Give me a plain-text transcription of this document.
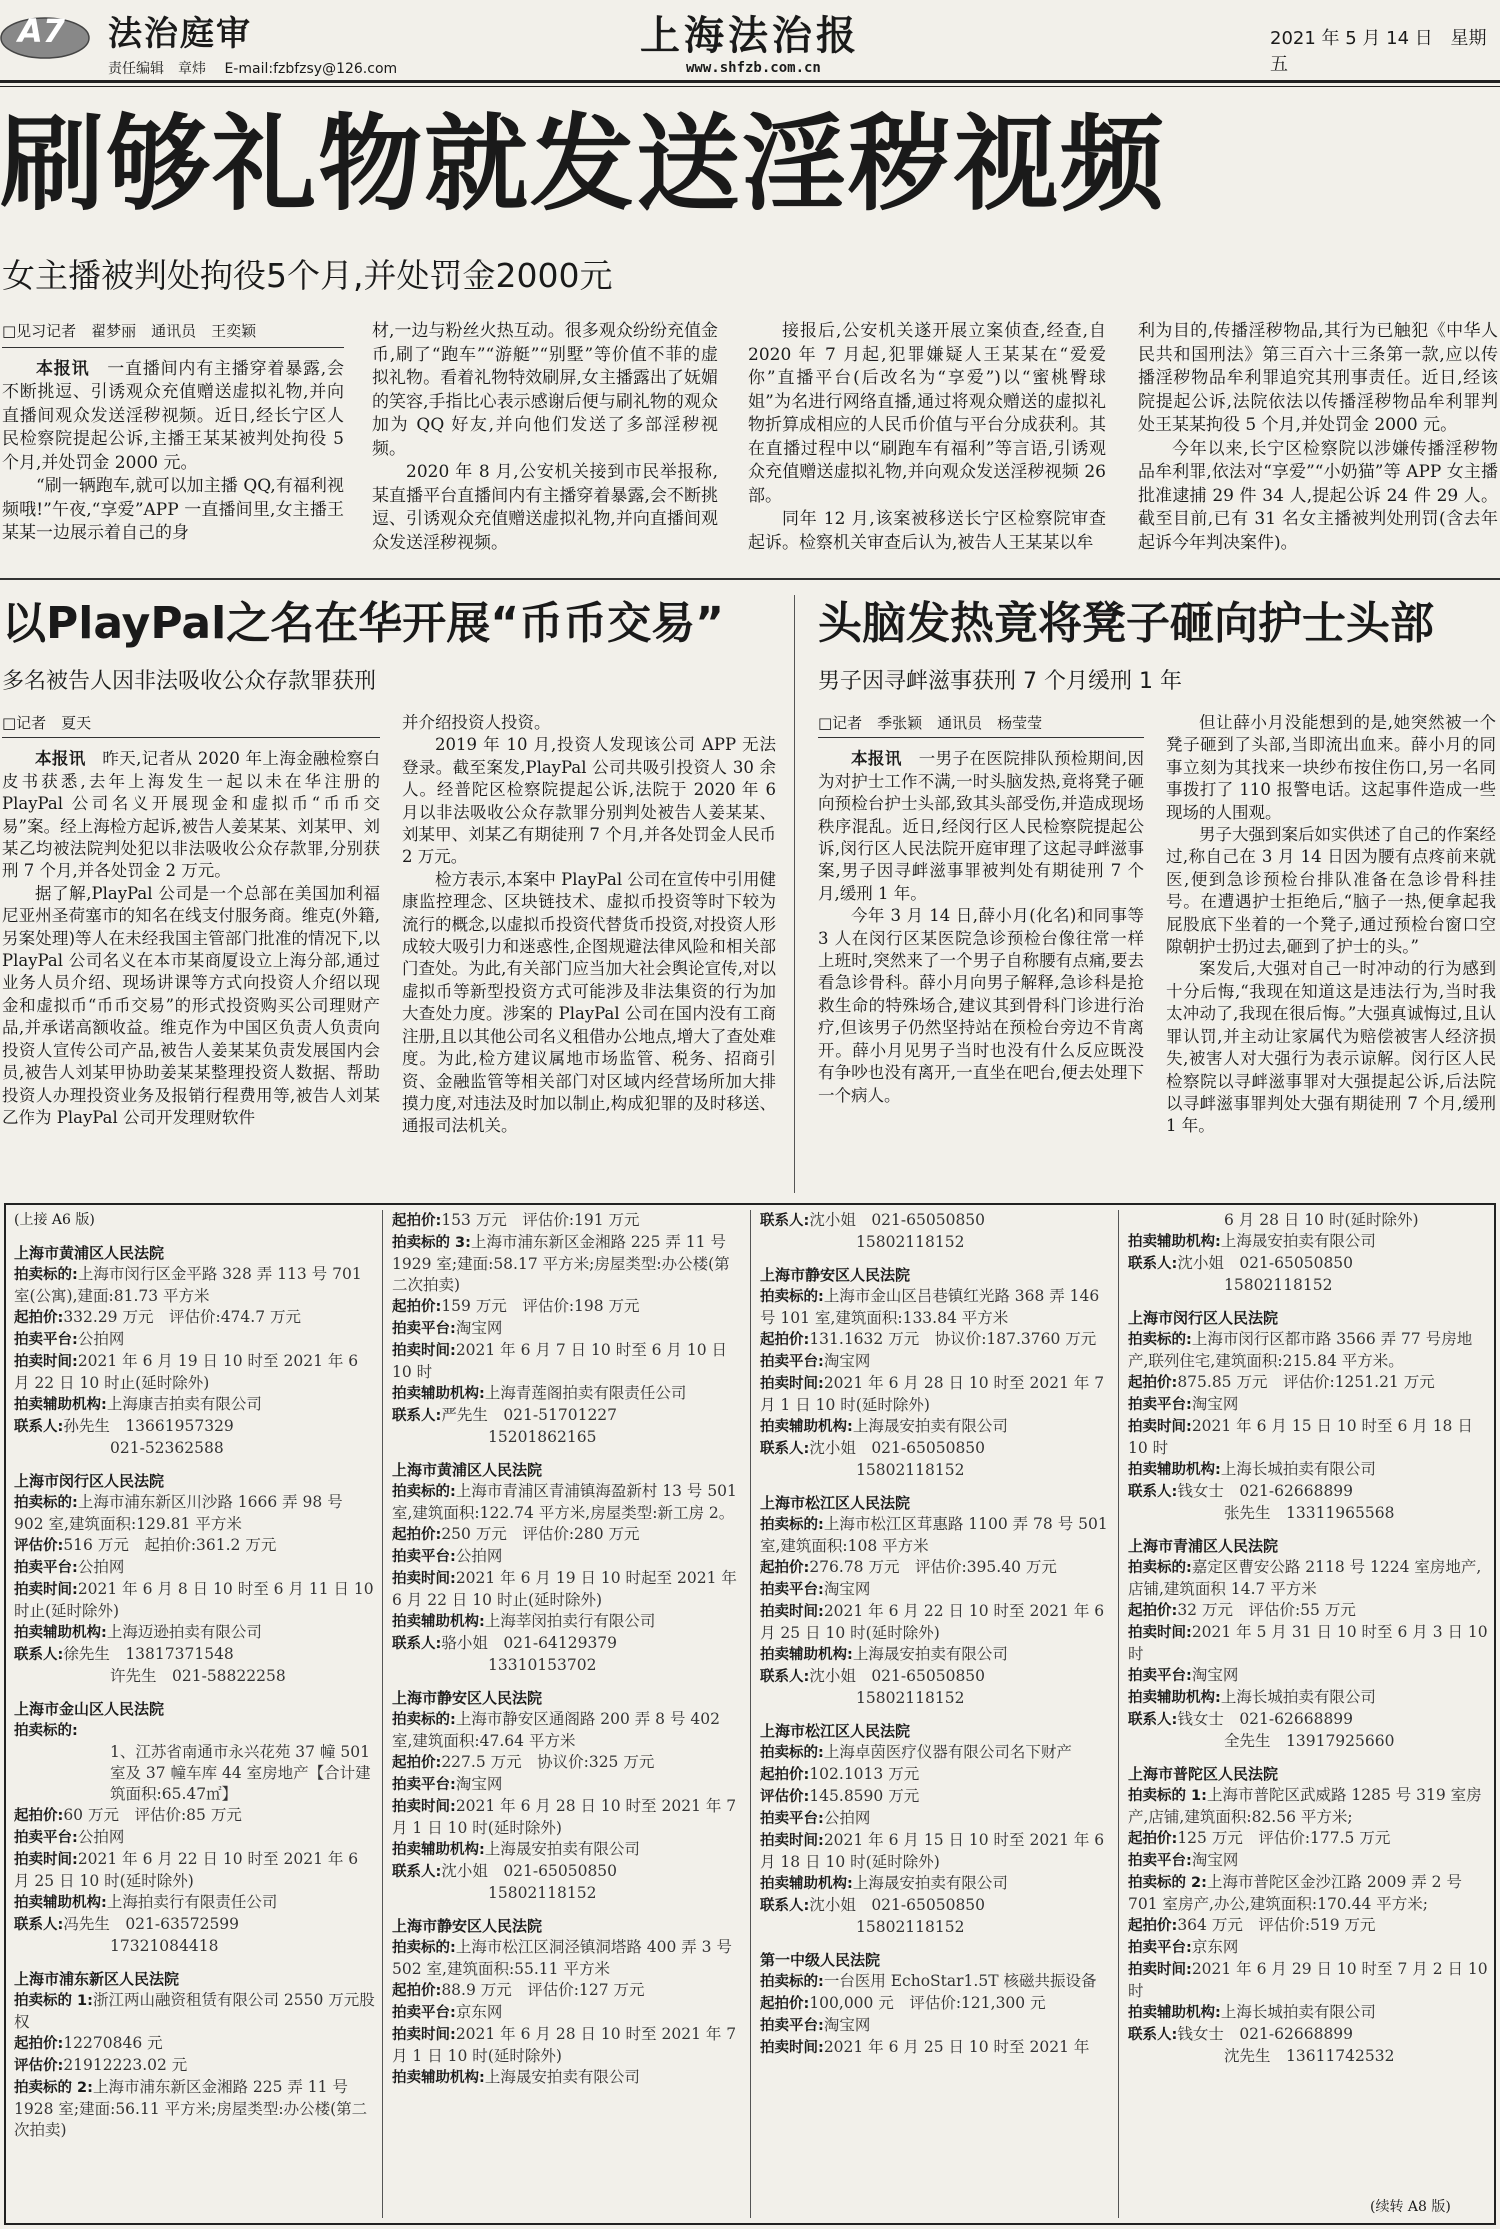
A7 法治庭审
责任编辑　章炜 E-mail:fzbfzsy@126.com
上海法治报
www.shfzb.com.cn
2021 年 5 月 14 日 星期五
刷够礼物就发送淫秽视频
女主播被判处拘役5个月,并处罚金2000元
□见习记者　翟梦丽　通讯员　王奕颖

本报讯　一直播间内有主播穿着暴露,会不断挑逗、引诱观众充值赠送虚拟礼物,并向直播间观众发送淫秽视频。近日,经长宁区人民检察院提起公诉,主播王某某被判处拘役 5 个月,并处罚金 2000 元。

“刷一辆跑车,就可以加主播 QQ,有福利视频哦!”午夜,“享爱”APP 一直播间里,女主播王某某一边展示着自己的身

材,一边与粉丝火热互动。很多观众纷纷充值金币,刷了“跑车”“游艇”“别墅”等价值不菲的虚拟礼物。看着礼物特效刷屏,女主播露出了妩媚的笑容,手指比心表示感谢后便与刷礼物的观众加为 QQ 好友,并向他们发送了多部淫秽视频。

2020 年 8 月,公安机关接到市民举报称,某直播平台直播间内有主播穿着暴露,会不断挑逗、引诱观众充值赠送虚拟礼物,并向直播间观众发送淫秽视频。

接报后,公安机关遂开展立案侦查,经查,自 2020 年 7 月起,犯罪嫌疑人王某某在“爱爱你”直播平台(后改名为“享爱”)以“蜜桃臀球姐”为名进行网络直播,通过将观众赠送的虚拟礼物折算成相应的人民币价值与平台分成获利。其在直播过程中以“刷跑车有福利”等言语,引诱观众充值赠送虚拟礼物,并向观众发送淫秽视频 26 部。

同年 12 月,该案被移送长宁区检察院审查起诉。检察机关审查后认为,被告人王某某以牟

利为目的,传播淫秽物品,其行为已触犯《中华人民共和国刑法》第三百六十三条第一款,应以传播淫秽物品牟利罪追究其刑事责任。近日,经该院提起公诉,法院依法以传播淫秽物品牟利罪判处王某某拘役 5 个月,并处罚金 2000 元。

今年以来,长宁区检察院以涉嫌传播淫秽物品牟利罪,依法对“享爱”“小奶猫”等 APP 女主播批准逮捕 29 件 34 人,提起公诉 24 件 29 人。截至目前,已有 31 名女主播被判处刑罚(含去年起诉今年判决案件)。

以PlayPal之名在华开展“币币交易”
多名被告人因非法吸收公众存款罪获刑
□记者　夏天

本报讯　昨天,记者从 2020 年上海金融检察白皮书获悉,去年上海发生一起以未在华注册的 PlayPal 公司名义开展现金和虚拟币“币币交易”案。经上海检方起诉,被告人姜某某、刘某甲、刘某乙均被法院判处犯以非法吸收公众存款罪,分别获刑 7 个月,并各处罚金 2 万元。

据了解,PlayPal 公司是一个总部在美国加利福尼亚州圣荷塞市的知名在线支付服务商。维克(外籍,另案处理)等人在未经我国主管部门批准的情况下,以 PlayPal 公司名义在本市某商厦设立上海分部,通过业务人员介绍、现场讲课等方式向投资人介绍以现金和虚拟币“币币交易”的形式投资购买公司理财产品,并承诺高额收益。维克作为中国区负责人负责向投资人宣传公司产品,被告人姜某某负责发展国内会员,被告人刘某甲协助姜某某整理投资人数据、帮助投资人办理投资业务及报销行程费用等,被告人刘某乙作为 PlayPal 公司开发理财软件

并介绍投资人投资。

2019 年 10 月,投资人发现该公司 APP 无法登录。截至案发,PlayPal 公司共吸引投资人 30 余人。经普陀区检察院提起公诉,法院于 2020 年 6 月以非法吸收公众存款罪分别判处被告人姜某某、刘某甲、刘某乙有期徒刑 7 个月,并各处罚金人民币 2 万元。

检方表示,本案中 PlayPal 公司在宣传中引用健康监控理念、区块链技术、虚拟币投资等时下较为流行的概念,以虚拟币投资代替货币投资,对投资人形成较大吸引力和迷惑性,企图规避法律风险和相关部门查处。为此,有关部门应当加大社会舆论宣传,对以虚拟币等新型投资方式可能涉及非法集资的行为加大查处力度。涉案的 PlayPal 公司在国内没有工商注册,且以其他公司名义租借办公地点,增大了查处难度。为此,检方建议属地市场监管、税务、招商引资、金融监管等相关部门对区域内经营场所加大排摸力度,对违法及时加以制止,构成犯罪的及时移送、通报司法机关。

头脑发热竟将凳子砸向护士头部
男子因寻衅滋事获刑 7 个月缓刑 1 年
□记者　季张颖　通讯员　杨莹莹

本报讯　一男子在医院排队预检期间,因为对护士工作不满,一时头脑发热,竟将凳子砸向预检台护士头部,致其头部受伤,并造成现场秩序混乱。近日,经闵行区人民检察院提起公诉,闵行区人民法院开庭审理了这起寻衅滋事案,男子因寻衅滋事罪被判处有期徒刑 7 个月,缓刑 1 年。

今年 3 月 14 日,薛小月(化名)和同事等 3 人在闵行区某医院急诊预检台像往常一样上班时,突然来了一个男子自称腰有点痛,要去看急诊骨科。薛小月向男子解释,急诊科是抢救生命的特殊场合,建议其到骨科门诊进行治疗,但该男子仍然坚持站在预检台旁边不肯离开。薛小月见男子当时也没有什么反应既没有争吵也没有离开,一直坐在吧台,便去处理下一个病人。

但让薛小月没能想到的是,她突然被一个凳子砸到了头部,当即流出血来。薛小月的同事立刻为其找来一块纱布按住伤口,另一名同事拨打了 110 报警电话。这起事件造成一些现场的人围观。

男子大强到案后如实供述了自己的作案经过,称自己在 3 月 14 日因为腰有点疼前来就医,便到急诊预检台排队准备在急诊骨科挂号。在遭遇护士拒绝后,“脑子一热,便拿起我屁股底下坐着的一个凳子,通过预检台窗口空隙朝护士扔过去,砸到了护士的头。”

案发后,大强对自己一时冲动的行为感到十分后悔,“我现在知道这是违法行为,当时我太冲动了,我现在很后悔。”大强真诚悔过,且认罪认罚,并主动让家属代为赔偿被害人经济损失,被害人对大强行为表示谅解。闵行区人民检察院以寻衅滋事罪对大强提起公诉,后法院以寻衅滋事罪判处大强有期徒刑 7 个月,缓刑 1 年。

(上接 A6 版)
上海市黄浦区人民法院
拍卖标的:上海市闵行区金平路 328 弄 113 号 701 室(公寓),建面:81.73 平方米
起拍价:332.29 万元　评估价:474.7 万元
拍卖平台:公拍网
拍卖时间:2021 年 6 月 19 日 10 时至 2021 年 6 月 22 日 10 时止(延时除外)
拍卖辅助机构:上海康吉拍卖有限公司
联系人:孙先生　13661957329
021-52362588
上海市闵行区人民法院
拍卖标的:上海市浦东新区川沙路 1666 弄 98 号 902 室,建筑面积:129.81 平方米
评估价:516 万元　起拍价:361.2 万元
拍卖平台:公拍网
拍卖时间:2021 年 6 月 8 日 10 时至 6 月 11 日 10 时止(延时除外)
拍卖辅助机构:上海迈逊拍卖有限公司
联系人:徐先生　13817371548
许先生　021-58822258
上海市金山区人民法院
拍卖标的:
1、江苏省南通市永兴花苑 37 幢 501 室及 37 幢车库 44 室房地产【合计建筑面积:65.47㎡】
起拍价:60 万元　评估价:85 万元
拍卖平台:公拍网
拍卖时间:2021 年 6 月 22 日 10 时至 2021 年 6 月 25 日 10 时(延时除外)
拍卖辅助机构:上海拍卖行有限责任公司
联系人:冯先生　021-63572599
17321084418
上海市浦东新区人民法院
拍卖标的 1:浙江两山融资租赁有限公司 2550 万元股权
起拍价:12270846 元
评估价:21912223.02 元
拍卖标的 2:上海市浦东新区金湘路 225 弄 11 号 1928 室;建面:56.11 平方米;房屋类型:办公楼(第二次拍卖)
起拍价:153 万元　评估价:191 万元
拍卖标的 3:上海市浦东新区金湘路 225 弄 11 号 1929 室;建面:58.17 平方米;房屋类型:办公楼(第二次拍卖)
起拍价:159 万元　评估价:198 万元
拍卖平台:淘宝网
拍卖时间:2021 年 6 月 7 日 10 时至 6 月 10 日 10 时
拍卖辅助机构:上海青莲阁拍卖有限责任公司
联系人:严先生　021-51701227
15201862165
上海市黄浦区人民法院
拍卖标的:上海市青浦区青浦镇海盈新村 13 号 501 室,建筑面积:122.74 平方米,房屋类型:新工房 2。
起拍价:250 万元　评估价:280 万元
拍卖平台:公拍网
拍卖时间:2021 年 6 月 19 日 10 时起至 2021 年 6 月 22 日 10 时止(延时除外)
拍卖辅助机构:上海莘闵拍卖行有限公司
联系人:骆小姐　021-64129379
13310153702
上海市静安区人民法院
拍卖标的:上海市静安区通阁路 200 弄 8 号 402 室,建筑面积:47.64 平方米
起拍价:227.5 万元　协议价:325 万元
拍卖平台:淘宝网
拍卖时间:2021 年 6 月 28 日 10 时至 2021 年 7 月 1 日 10 时(延时除外)
拍卖辅助机构:上海晟安拍卖有限公司
联系人:沈小姐　021-65050850
15802118152
上海市静安区人民法院
拍卖标的:上海市松江区洞泾镇洞塔路 400 弄 3 号 502 室,建筑面积:55.11 平方米
起拍价:88.9 万元　评估价:127 万元
拍卖平台:京东网
拍卖时间:2021 年 6 月 28 日 10 时至 2021 年 7 月 1 日 10 时(延时除外)
拍卖辅助机构:上海晟安拍卖有限公司
联系人:沈小姐　021-65050850
15802118152
上海市静安区人民法院
拍卖标的:上海市金山区吕巷镇红光路 368 弄 146 号 101 室,建筑面积:133.84 平方米
起拍价:131.1632 万元　协议价:187.3760 万元
拍卖平台:淘宝网
拍卖时间:2021 年 6 月 28 日 10 时至 2021 年 7 月 1 日 10 时(延时除外)
拍卖辅助机构:上海晟安拍卖有限公司
联系人:沈小姐　021-65050850
15802118152
上海市松江区人民法院
拍卖标的:上海市松江区茸惠路 1100 弄 78 号 501 室,建筑面积:108 平方米
起拍价:276.78 万元　评估价:395.40 万元
拍卖平台:淘宝网
拍卖时间:2021 年 6 月 22 日 10 时至 2021 年 6 月 25 日 10 时(延时除外)
拍卖辅助机构:上海晟安拍卖有限公司
联系人:沈小姐　021-65050850
15802118152
上海市松江区人民法院
拍卖标的:上海卓茵医疗仪器有限公司名下财产
起拍价:102.1013 万元
评估价:145.8590 万元
拍卖平台:公拍网
拍卖时间:2021 年 6 月 15 日 10 时至 2021 年 6 月 18 日 10 时(延时除外)
拍卖辅助机构:上海晟安拍卖有限公司
联系人:沈小姐　021-65050850
15802118152
第一中级人民法院
拍卖标的:一台医用 EchoStar1.5T 核磁共振设备
起拍价:100,000 元　评估价:121,300 元
拍卖平台:淘宝网
拍卖时间:2021 年 6 月 25 日 10 时至 2021 年
6 月 28 日 10 时(延时除外)
拍卖辅助机构:上海晟安拍卖有限公司
联系人:沈小姐　021-65050850
15802118152
上海市闵行区人民法院
拍卖标的:上海市闵行区都市路 3566 弄 77 号房地产,联列住宅,建筑面积:215.84 平方米。
起拍价:875.85 万元　评估价:1251.21 万元
拍卖平台:淘宝网
拍卖时间:2021 年 6 月 15 日 10 时至 6 月 18 日 10 时
拍卖辅助机构:上海长城拍卖有限公司
联系人:钱女士　021-62668899
张先生　13311965568
上海市青浦区人民法院
拍卖标的:嘉定区曹安公路 2118 号 1224 室房地产,店铺,建筑面积 14.7 平方米
起拍价:32 万元　评估价:55 万元
拍卖时间:2021 年 5 月 31 日 10 时至 6 月 3 日 10 时
拍卖平台:淘宝网
拍卖辅助机构:上海长城拍卖有限公司
联系人:钱女士　021-62668899
全先生　13917925660
上海市普陀区人民法院
拍卖标的 1:上海市普陀区武威路 1285 号 319 室房产,店铺,建筑面积:82.56 平方米;
起拍价:125 万元　评估价:177.5 万元
拍卖平台:淘宝网
拍卖标的 2:上海市普陀区金沙江路 2009 弄 2 号 701 室房产,办公,建筑面积:170.44 平方米;
起拍价:364 万元　评估价:519 万元
拍卖平台:京东网
拍卖时间:2021 年 6 月 29 日 10 时至 7 月 2 日 10 时
拍卖辅助机构:上海长城拍卖有限公司
联系人:钱女士　021-62668899
沈先生　13611742532
(续转 A8 版)
